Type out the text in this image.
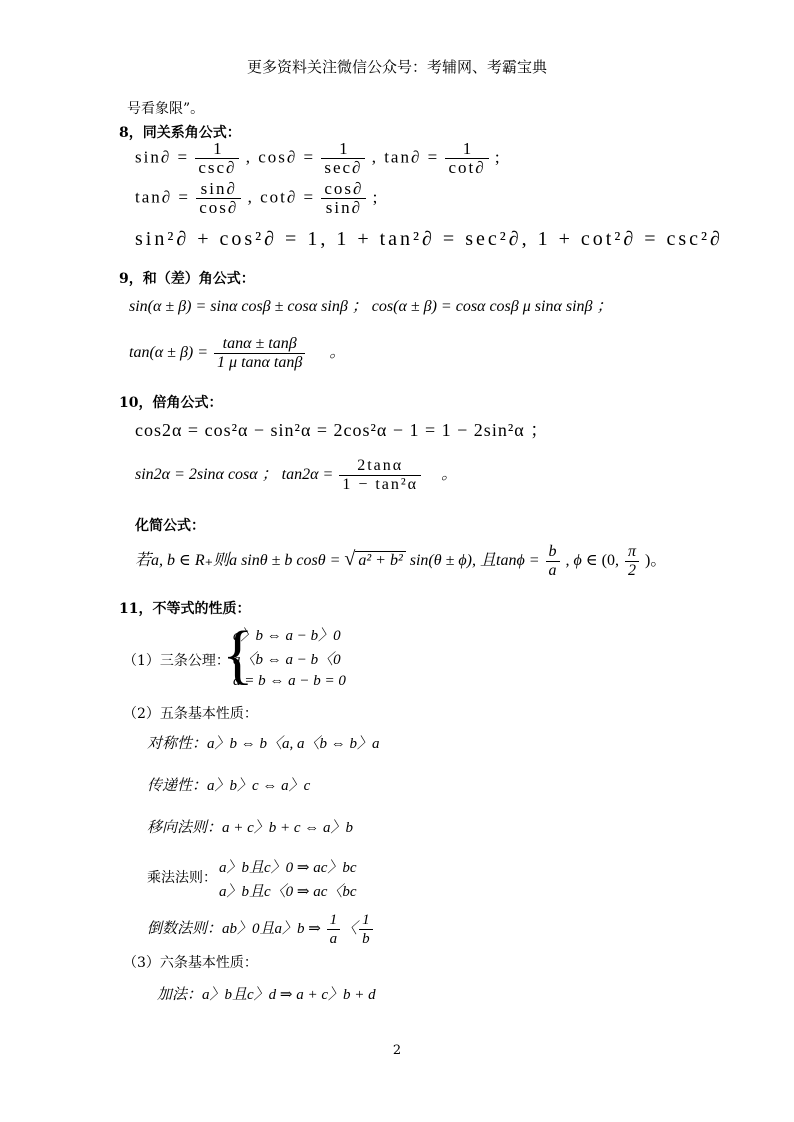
更多资料关注微信公众号：考辅网、考霸宝典
号看象限”。
8，同关系角公式：
$\sin\partial = \frac{1}{\csc\partial}$ , $\cos\partial = \frac{1}{\sec\partial}$ , $\tan\partial = \frac{1}{\cot\partial}$ ;
$\tan\partial = \frac{\sin\partial}{\cos\partial}$ , $\cot\partial = \frac{\cos\partial}{\sin\partial}$ ;
sin²∂ + cos²∂ = 1, 1 + tan²∂ = sec²∂, 1 + cot²∂ = csc²∂
9，和（差）角公式：
sin(α ± β) = sinα cosβ ± cosα sinβ ； cos(α ± β) = cosα cosβ μ sinα sinβ ；
$\tan(\alpha \pm \beta) = \frac{\tan\alpha \pm \tan\beta}{\text{1 μ tanα tanβ}}$ 。
10，倍角公式：
cos2α = cos²α − sin²α = 2cos²α − 1 = 1 − 2sin²α ；
sin2α = 2sinα cosα ； $\tan 2\alpha = \frac{2\tan\alpha}{\text{1 − tan²α}}$ 。
化简公式：
若a, b ∈ R₊则a sinθ ± b cosθ = √ a² + b² sin(θ ± ϕ), 且$\tan\phi = \frac{b}{a}$ , ϕ ∈ (0, $\frac{\pi}{2}$ )。
11，不等式的性质：
（1）三条公理：
{
a〉b ⇔ a − b〉0
a〈b ⇔ a − b〈0
a = b ⇔ a − b = 0
（2）五条基本性质：
对称性：a〉b ⇔ b〈a, a〈b ⇔ b〉a
传递性：a〉b〉c ⇔ a〉c
移向法则：a + c〉b + c ⇔ a〉b
乘法法则：
a〉b且c〉0 ⇒ ac〉bc
a〉b且c〈0 ⇒ ac〈bc
倒数法则：ab〉0且a〉b ⇒ $\frac{1}{a}$ 〈 $\frac{1}{b}$
（3）六条基本性质：
加法：a〉b且c〉d ⇒ a + c〉b + d
2
